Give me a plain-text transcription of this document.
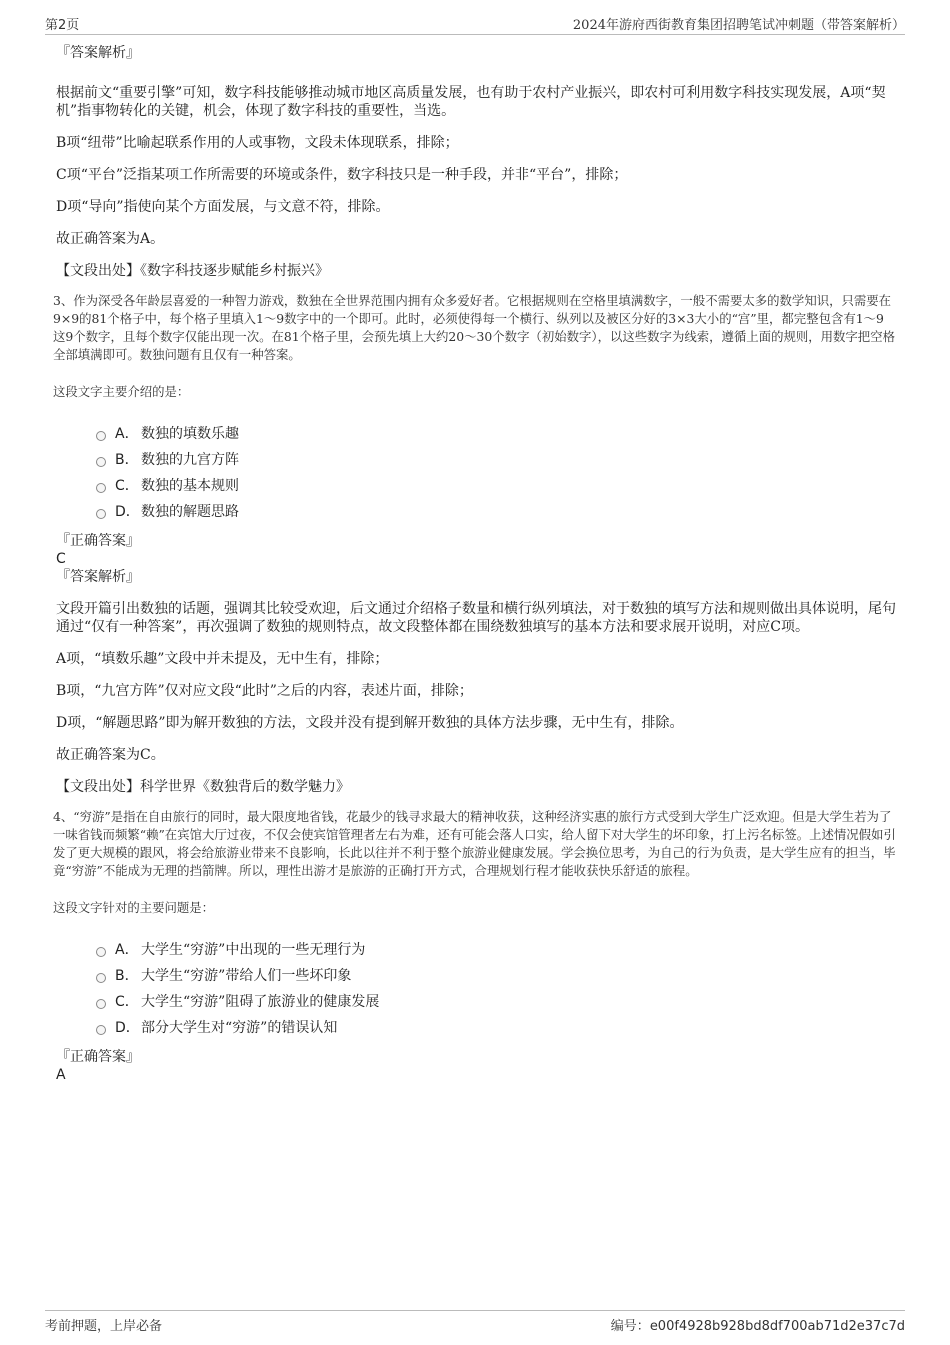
第2页	2024年游府西街教育集团招聘笔试冲刺题（带答案解析）
『答案解析』
根据前文“重要引擎”可知，数字科技能够推动城市地区高质量发展，也有助于农村产业振兴，即农村可利用数字科技实现发展，A项“契机”指事物转化的关键，机会，体现了数字科技的重要性，当选。
B项“纽带”比喻起联系作用的人或事物，文段未体现联系，排除；
C项“平台”泛指某项工作所需要的环境或条件，数字科技只是一种手段，并非“平台”，排除；
D项“导向”指使向某个方面发展，与文意不符，排除。
故正确答案为A。
【文段出处】《数字科技逐步赋能乡村振兴》
3、作为深受各年龄层喜爱的一种智力游戏，数独在全世界范围内拥有众多爱好者。它根据规则在空格里填满数字，一般不需要太多的数学知识，只需要在9×9的81个格子中，每个格子里填入1～9数字中的一个即可。此时，必须使得每一个横行、纵列以及被区分好的3×3大小的“宫”里，都完整包含有1～9这9个数字，且每个数字仅能出现一次。在81个格子里，会预先填上大约20～30个数字（初始数字），以这些数字为线索，遵循上面的规则，用数字把空格全部填满即可。数独问题有且仅有一种答案。
这段文字主要介绍的是：
A． 数独的填数乐趣
B． 数独的九宫方阵
C． 数独的基本规则
D． 数独的解题思路
『正确答案』
C
『答案解析』
文段开篇引出数独的话题，强调其比较受欢迎，后文通过介绍格子数量和横行纵列填法，对于数独的填写方法和规则做出具体说明，尾句通过“仅有一种答案”，再次强调了数独的规则特点，故文段整体都在围绕数独填写的基本方法和要求展开说明，对应C项。
A项，“填数乐趣”文段中并未提及，无中生有，排除；
B项，“九宫方阵”仅对应文段“此时”之后的内容，表述片面，排除；
D项，“解题思路”即为解开数独的方法，文段并没有提到解开数独的具体方法步骤，无中生有，排除。
故正确答案为C。
【文段出处】科学世界《数独背后的数学魅力》
4、“穷游”是指在自由旅行的同时，最大限度地省钱，花最少的钱寻求最大的精神收获，这种经济实惠的旅行方式受到大学生广泛欢迎。但是大学生若为了一味省钱而频繁“赖”在宾馆大厅过夜，不仅会使宾馆管理者左右为难，还有可能会落人口实，给人留下对大学生的坏印象，打上污名标签。上述情况假如引发了更大规模的跟风，将会给旅游业带来不良影响，长此以往并不利于整个旅游业健康发展。学会换位思考，为自己的行为负责，是大学生应有的担当，毕竟“穷游”不能成为无理的挡箭牌。所以，理性出游才是旅游的正确打开方式，合理规划行程才能收获快乐舒适的旅程。
这段文字针对的主要问题是：
A． 大学生“穷游”中出现的一些无理行为
B． 大学生“穷游”带给人们一些坏印象
C． 大学生“穷游”阻碍了旅游业的健康发展
D． 部分大学生对“穷游”的错误认知
『正确答案』
A
考前押题，上岸必备	编号：e00f4928b928bd8df700ab71d2e37c7d
